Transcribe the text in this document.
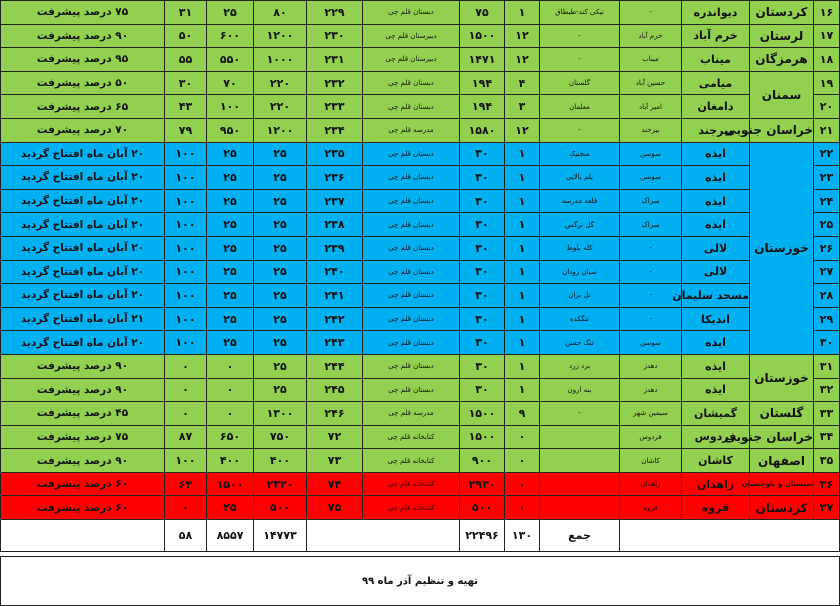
۱۶	کردستان	دیواندره	-	نیکی کند-طیطاق	۱	۷۵	دبستان قلم چی	۲۲۹	۸۰	۲۵	۳۱	۷۵ درصد پیشرفت
۱۷	لرستان	خرم آباد	خرم آباد	-	۱۲	۱۵۰۰	دبیرستان قلم چی	۲۳۰	۱۲۰۰	۶۰۰	۵۰	۹۰ درصد پیشرفت
۱۸	هرمزگان	میناب	میناب	-	۱۲	۱۴۷۱	دبیرستان قلم چی	۲۳۱	۱۰۰۰	۵۵۰	۵۵	۹۵ درصد پیشرفت
۱۹	سمنان	میامی	حسین آباد	گلستان	۴	۱۹۴	دبستان قلم چی	۲۳۲	۲۲۰	۷۰	۳۰	۵۰ درصد پیشرفت
۲۰		دامغان	امیر آباد	معلمان	۳	۱۹۴	دبستان قلم چی	۲۳۳	۲۲۰	۱۰۰	۴۳	۶۵ درصد پیشرفت
۲۱	خراسان جنوبی	بیرجند	بیرجند	-	۱۲	۱۵۸۰	مدرسه قلم چی	۲۳۴	۱۲۰۰	۹۵۰	۷۹	۷۰ درصد پیشرفت
۲۲	خوزستان	ایذه	سوسن	منجنیک	۱	۳۰	دبستان قلم چی	۲۳۵	۲۵	۲۵	۱۰۰	۲۰ آبان ماه افتتاح گردید
۲۳		ایذه	سوسن	پلم بالایی	۱	۳۰	دبستان قلم چی	۲۳۶	۲۵	۲۵	۱۰۰	۲۰ آبان ماه افتتاح گردید
۲۴		ایذه	سراک	قلعه مدرسه	۱	۳۰	دبستان قلم چی	۲۳۷	۲۵	۲۵	۱۰۰	۲۰ آبان ماه افتتاح گردید
۲۵		ایذه	سراک	گل نرگس	۱	۳۰	دبستان قلم چی	۲۳۸	۲۵	۲۵	۱۰۰	۲۰ آبان ماه افتتاح گردید
۲۶		لالی	-	کله بلوط	۱	۳۰	دبستان قلم چی	۲۳۹	۲۵	۲۵	۱۰۰	۲۰ آبان ماه افتتاح گردید
۲۷		لالی	-	سیان رودان	۱	۳۰	دبستان قلم چی	۲۴۰	۲۵	۲۵	۱۰۰	۲۰ آبان ماه افتتاح گردید
۲۸		مسجد سلیمان	-	تل بزان	۱	۳۰	دبستان قلم چی	۲۴۱	۲۵	۲۵	۱۰۰	۲۰ آبان ماه افتتاح گردید
۲۹		اندیکا	-	تنگکده	۱	۳۰	دبستان قلم چی	۲۴۲	۲۵	۲۵	۱۰۰	۲۱ آبان ماه افتتاح گردید
۳۰		ایذه	سوسن	تنگ حسن	۱	۳۰	دبستان قلم چی	۲۴۳	۲۵	۲۵	۱۰۰	۲۰ آبان ماه افتتاح گردید
۳۱	خوزستان	ایذه	دهدز	برد زرد	۱	۳۰	دبستان قلم چی	۲۴۴	۲۵	۰	۰	۹۰ درصد پیشرفت
۳۲		ایذه	دهدز	بنه ارون	۱	۳۰	دبستان قلم چی	۲۴۵	۲۵	۰	۰	۹۰ درصد پیشرفت
۳۳	گلستان	گمیشان	سیمین شهر	-	۹	۱۵۰۰	مدرسه قلم چی	۲۴۶	۱۳۰۰	۰	۰	۴۵ درصد پیشرفت
۳۴	خراسان جنوبی	فردوس	فردوس		۰	۱۵۰۰	کتابخانه قلم چی	۷۲	۷۵۰	۶۵۰	۸۷	۷۵ درصد پیشرفت
۳۵	اصفهان	کاشان	کاشان		۰	۹۰۰	کتابخانه قلم چی	۷۳	۴۰۰	۴۰۰	۱۰۰	۹۰ درصد پیشرفت
۳۶	سیستان و بلوچستان	زاهدان	زاهدان		۰	۲۹۳۰	کتابخانه قلم چی	۷۴	۲۳۲۰	۱۵۰۰	۶۴	۶۰ درصد پیشرفت
۳۷	کردستان	قروه	قروه		۰	۵۰۰	کتابخانه قلم چی	۷۵	۵۰۰	۲۵	۰	۶۰ درصد پیشرفت
				جمع	۱۳۰	۲۲۴۹۶			۱۴۷۷۳	۸۵۵۷	۵۸	

تهیه و تنظیم آذر ماه ۹۹												
